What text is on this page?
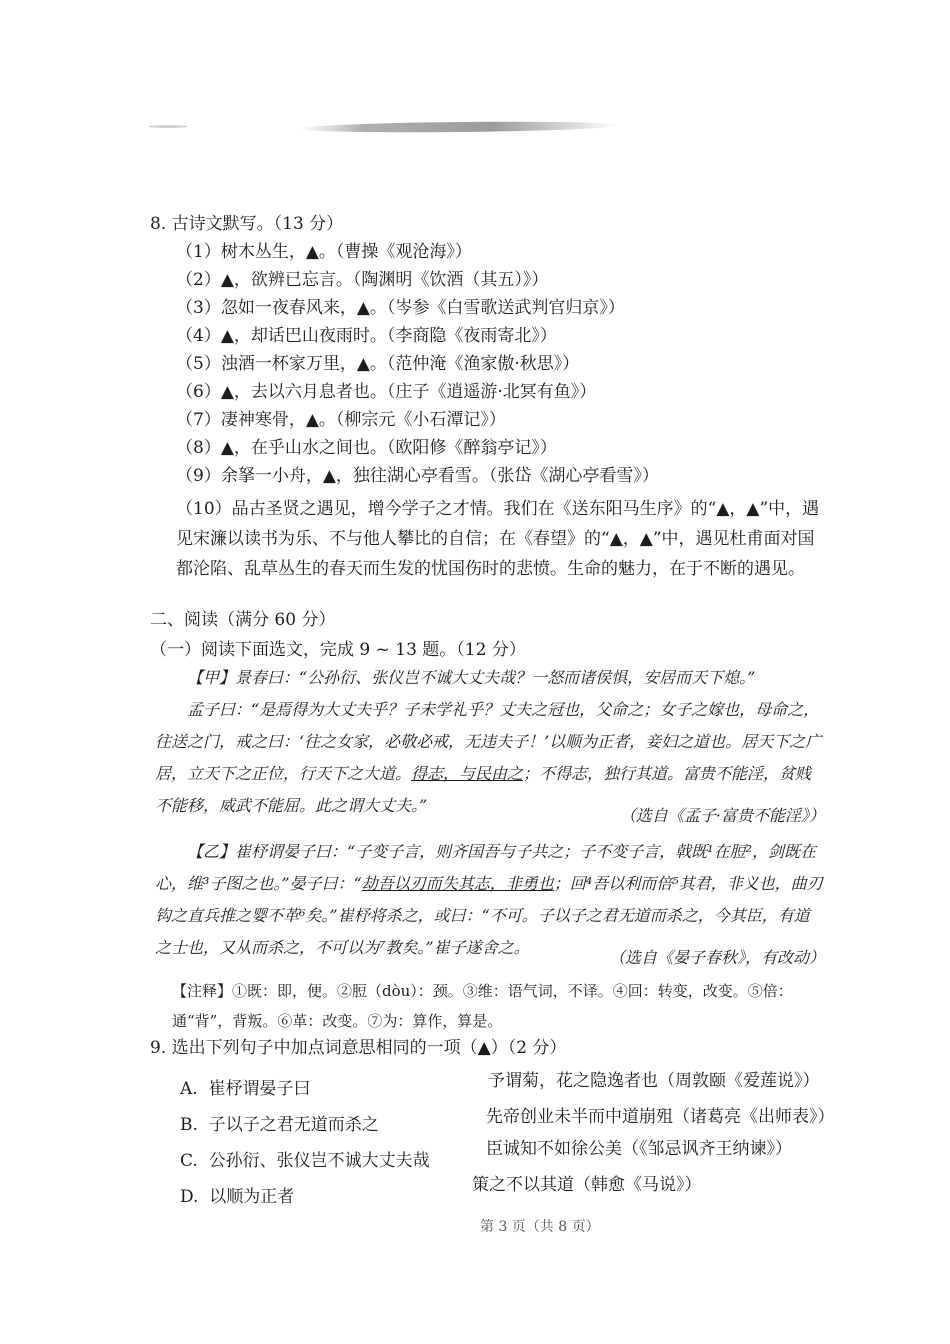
8. 古诗文默写。（13 分）
（1）树木丛生，▲。（曹操《观沧海》）
（2）▲，欲辨已忘言。（陶渊明《饮酒（其五）》）
（3）忽如一夜春风来，▲。（岑参《白雪歌送武判官归京》）
（4）▲，却话巴山夜雨时。（李商隐《夜雨寄北》）
（5）浊酒一杯家万里，▲。（范仲淹《渔家傲·秋思》）
（6）▲，去以六月息者也。（庄子《逍遥游·北冥有鱼》）
（7）凄神寒骨，▲。（柳宗元《小石潭记》）
（8）▲，在乎山水之间也。（欧阳修《醉翁亭记》）
（9）余拏一小舟，▲，独往湖心亭看雪。（张岱《湖心亭看雪》）
（10）品古圣贤之遇见，增今学子之才情。我们在《送东阳马生序》的“▲，▲”中，遇见宋濂以读书为乐、不与他人攀比的自信；在《春望》的“▲，▲”中，遇见杜甫面对国都沦陷、乱草丛生的春天而生发的忧国伤时的悲愤。生命的魅力，在于不断的遇见。
二、阅读（满分 60 分）
（一）阅读下面选文，完成 9 ~ 13 题。（12 分）
【甲】景春曰：“公孙衍、张仪岂不诚大丈夫哉？一怒而诸侯惧，安居而天下熄。”
孟子曰：“是焉得为大丈夫乎？子未学礼乎？丈夫之冠也，父命之；女子之嫁也，母命之，往送之门，戒之曰：‘往之女家，必敬必戒，无违夫子！’以顺为正者，妾妇之道也。居天下之广居，立天下之正位，行天下之大道。得志，与民由之；不得志，独行其道。富贵不能淫，贫贱不能移，威武不能屈。此之谓大丈夫。”
（选自《孟子·富贵不能淫》）
【乙】崔杼谓晏子曰：“子变子言，则齐国吾与子共之；子不变子言，戟既¹在脰²，剑既在心，维³子图之也。”晏子曰：“劫吾以刃而失其志，非勇也；回⁴吾以利而倍⁵其君，非义也，曲刃钩之直兵推之婴不革⁶矣。”崔杼将杀之，或曰：“不可。子以子之君无道而杀之，今其臣，有道之士也，又从而杀之，不可以为⁷教矣。”崔子遂舍之。
（选自《晏子春秋》，有改动）
【注释】①既：即，便。②脰（dòu）：颈。③维：语气词，不译。④回：转变，改变。⑤倍：通“背”，背叛。⑥革：改变。⑦为：算作，算是。
9. 选出下列句子中加点词意思相同的一项（▲）（2 分）
A. 崔杼谓晏子曰	予谓菊，花之隐逸者也（周敦颐《爱莲说》）
B. 子以子之君无道而杀之	先帝创业未半而中道崩殂（诸葛亮《出师表》）
C. 公孙衍、张仪岂不诚大丈夫哉
臣诚知不如徐公美（《邹忌讽齐王纳谏》）
D. 以顺为正者
策之不以其道（韩愈《马说》）
第 3 页（共 8 页）
